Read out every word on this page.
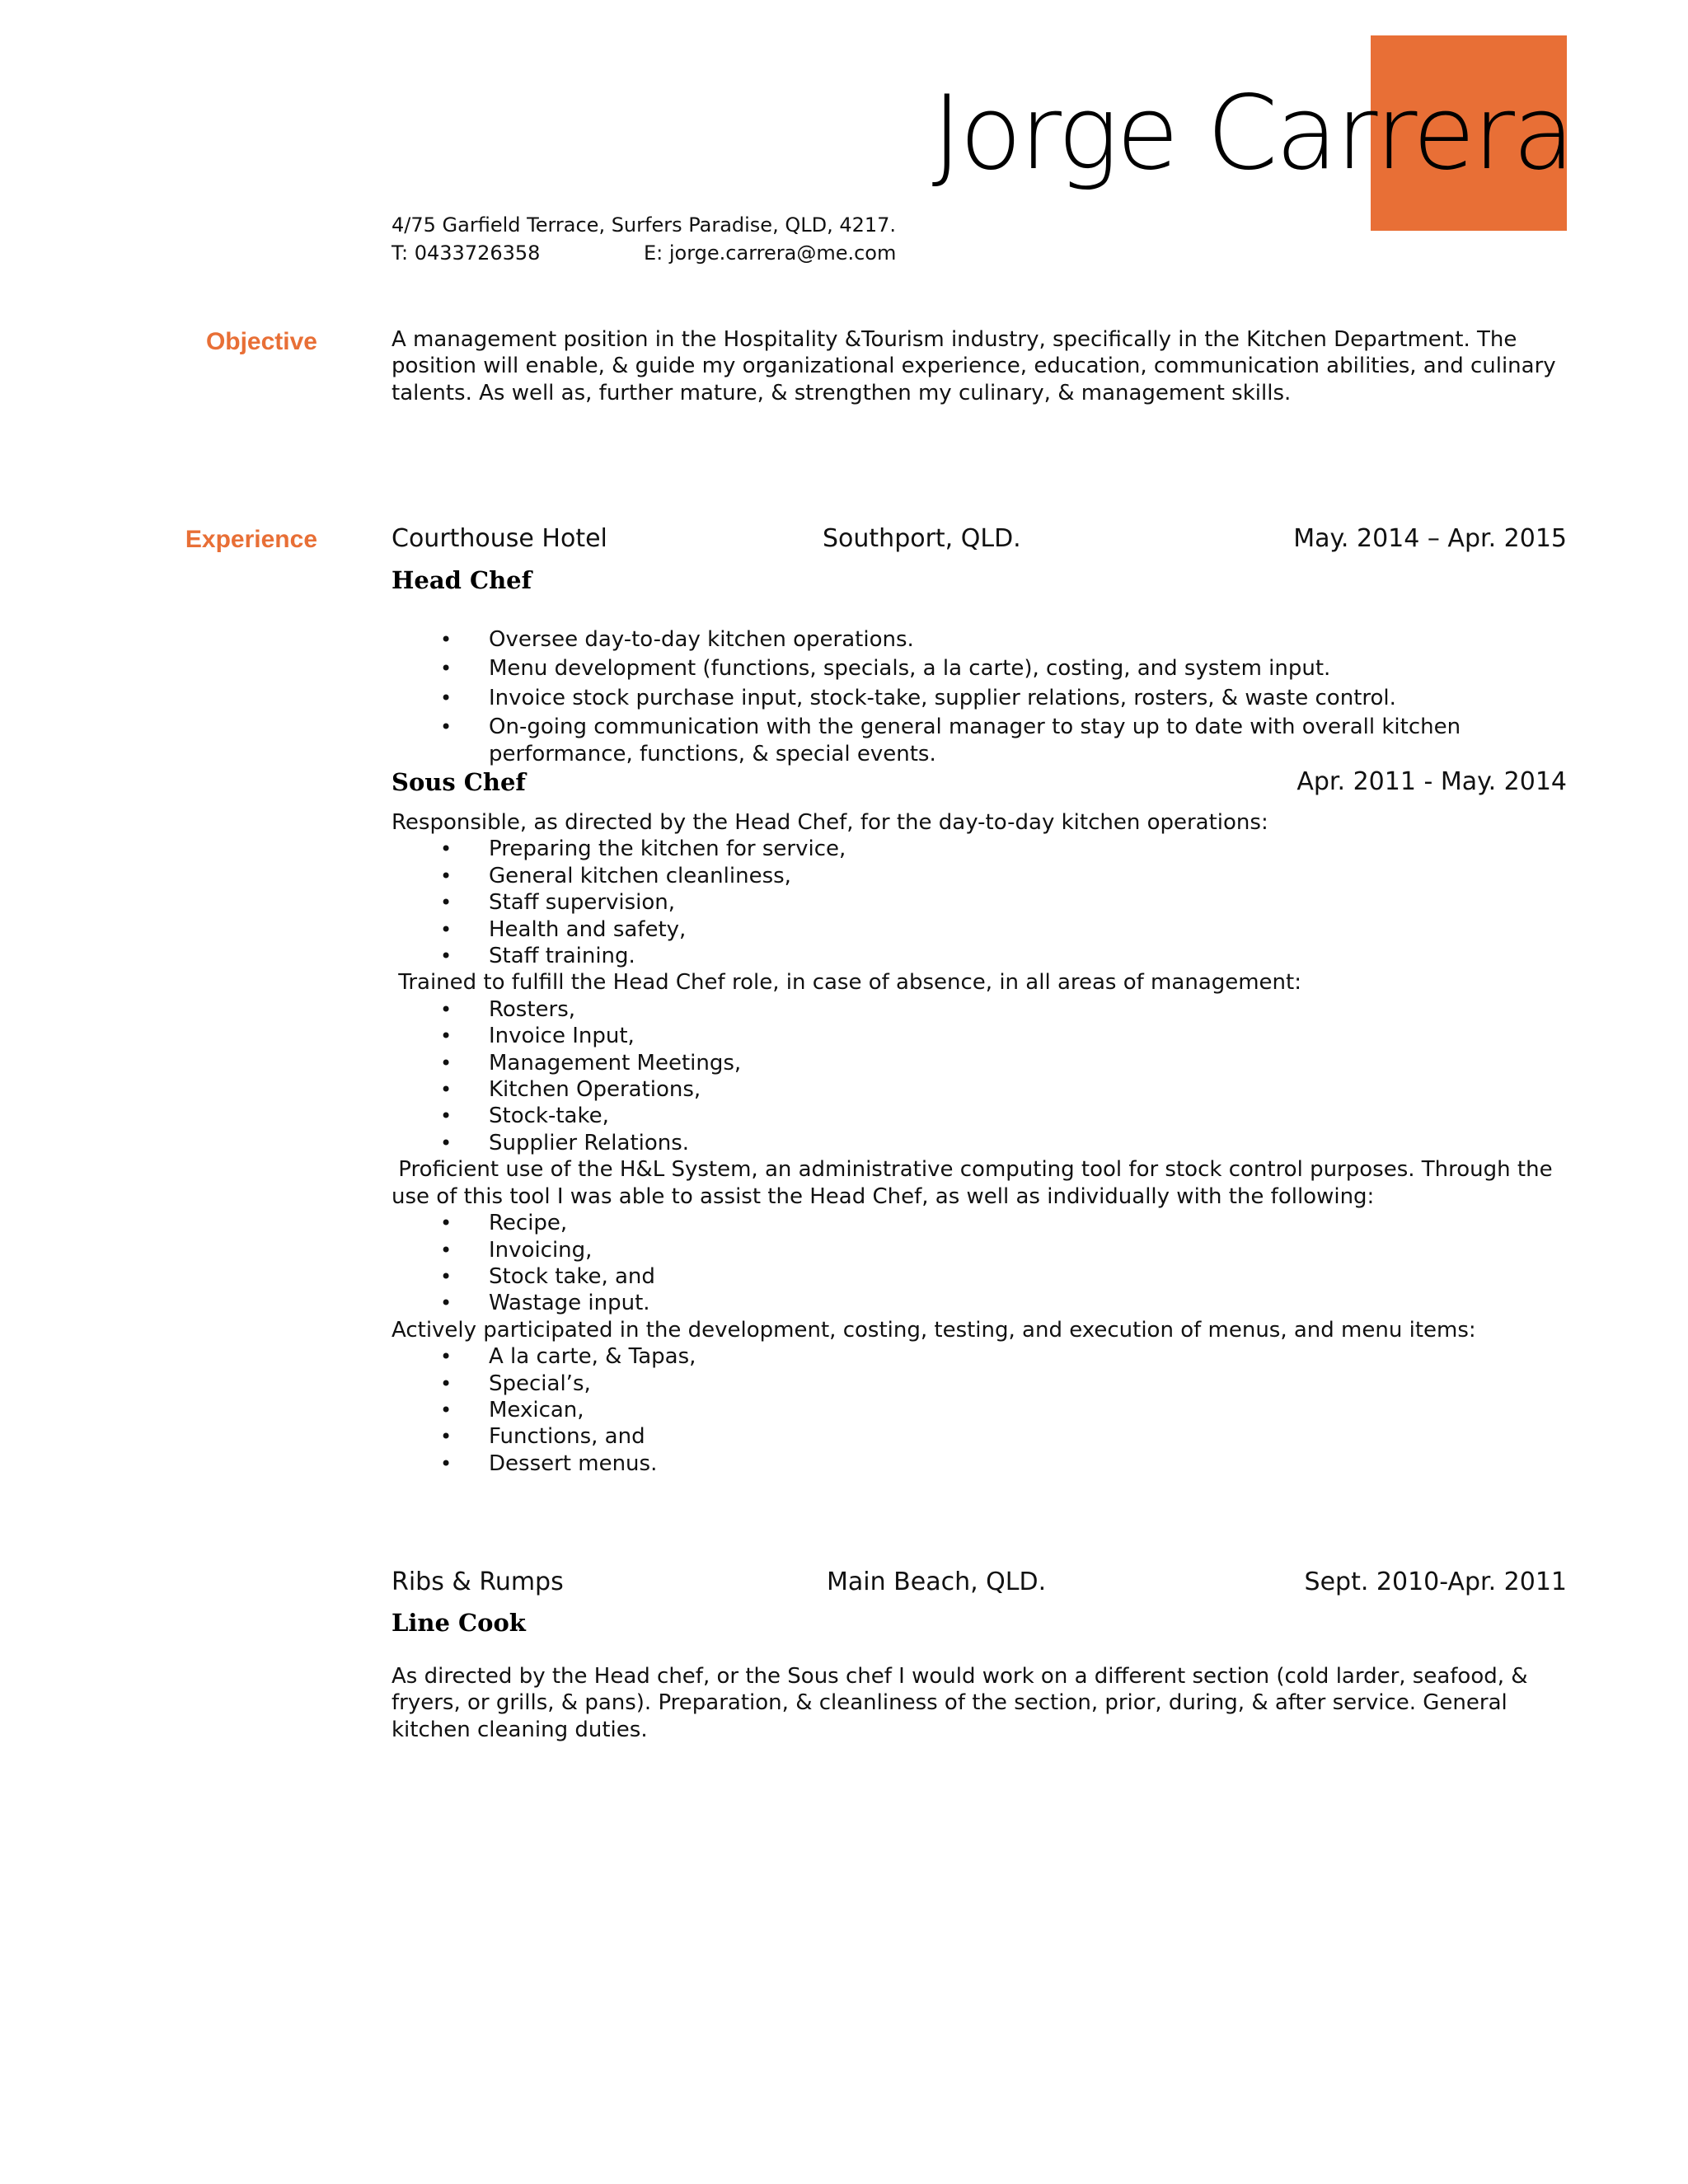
Jorge Carrera
4/75 Garfield Terrace, Surfers Paradise, QLD, 4217.
T: 0433726358	E: jorge.carrera@me.com
Objective	A management position in the Hospitality &Tourism industry, specifically in the Kitchen Department. The position will enable, & guide my organizational experience, education, communication abilities, and culinary talents. As well as, further mature, & strengthen my culinary, & management skills.

Experience	Courthouse Hotel	Southport, QLD.	May. 2014 – Apr. 2015
Head Chef
• Oversee day-to-day kitchen operations.
• Menu development (functions, specials, a la carte), costing, and system input.
• Invoice stock purchase input, stock-take, supplier relations, rosters, & waste control.
• On-going communication with the general manager to stay up to date with overall kitchen performance, functions, & special events.
Sous Chef	Apr. 2011 - May. 2014

Responsible, as directed by the Head Chef, for the day-to-day kitchen operations:

• Preparing the kitchen for service,
• General kitchen cleanliness,
• Staff supervision,
• Health and safety,
• Staff training.

Trained to fulfill the Head Chef role, in case of absence, in all areas of management:

• Rosters,
• Invoice Input,
• Management Meetings,
• Kitchen Operations,
• Stock-take,
• Supplier Relations.

Proficient use of the H&L System, an administrative computing tool for stock control purposes. Through the use of this tool I was able to assist the Head Chef, as well as individually with the following:

• Recipe,
• Invoicing,
• Stock take, and
• Wastage input.

Actively participated in the development, costing, testing, and execution of menus, and menu items:

• A la carte, & Tapas,
• Special’s,
• Mexican,
• Functions, and
• Dessert menus.
Ribs & Rumps	Main Beach, QLD.	Sept. 2010-Apr. 2011
Line Cook

As directed by the Head chef, or the Sous chef I would work on a different section (cold larder, seafood, & fryers, or grills, & pans). Preparation, & cleanliness of the section, prior, during, & after service. General kitchen cleaning duties.
